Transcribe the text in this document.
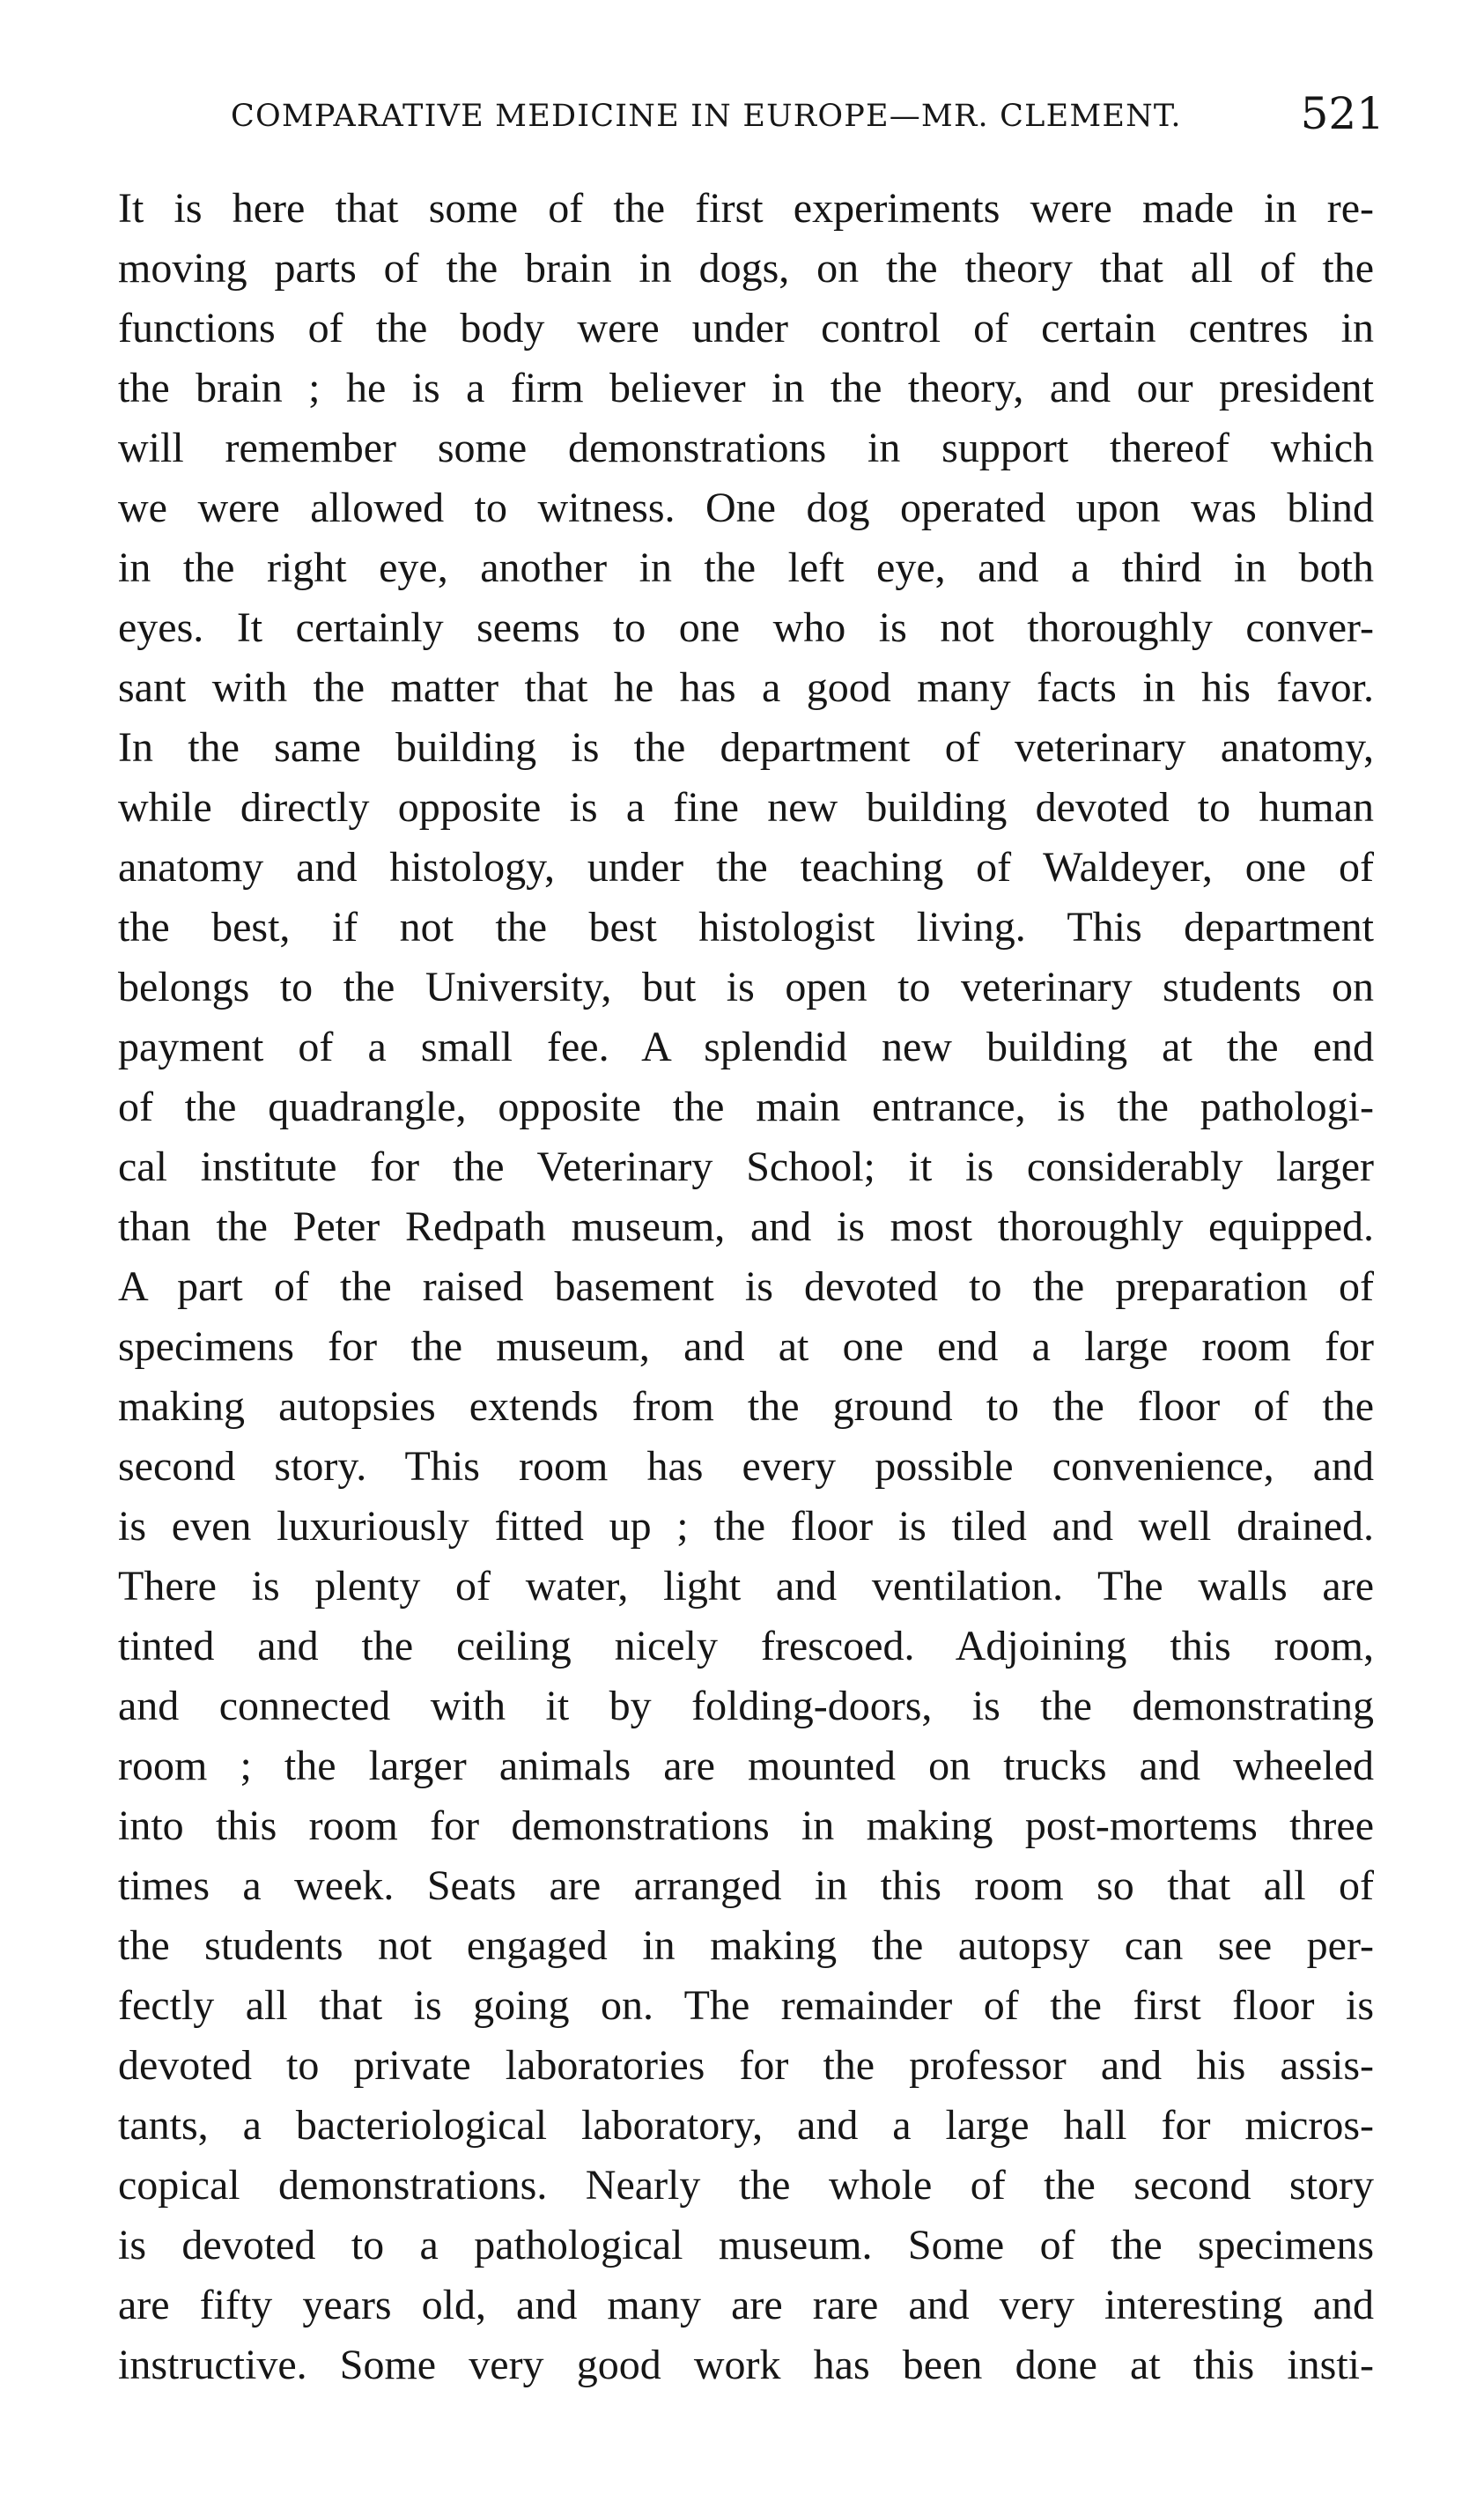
COMPARATIVE MEDICINE IN EUROPE—MR. CLEMENT.	521
It is here that some of the first experiments were made in re-
moving parts of the brain in dogs, on the theory that all of the
functions of the body were under control of certain centres in
the brain ; he is a firm believer in the theory, and our president
will remember some demonstrations in support thereof which
we were allowed to witness. One dog operated upon was blind
in the right eye, another in the left eye, and a third in both
eyes. It certainly seems to one who is not thoroughly conver-
sant with the matter that he has a good many facts in his favor.
In the same building is the department of veterinary anatomy,
while directly opposite is a fine new building devoted to human
anatomy and histology, under the teaching of Waldeyer, one of
the best, if not the best histologist living. This department
belongs to the University, but is open to veterinary students on
payment of a small fee. A splendid new building at the end
of the quadrangle, opposite the main entrance, is the pathologi-
cal institute for the Veterinary School; it is considerably larger
than the Peter Redpath museum, and is most thoroughly equipped.
A part of the raised basement is devoted to the preparation of
specimens for the museum, and at one end a large room for
making autopsies extends from the ground to the floor of the
second story. This room has every possible convenience, and
is even luxuriously fitted up ; the floor is tiled and well drained.
There is plenty of water, light and ventilation. The walls are
tinted and the ceiling nicely frescoed. Adjoining this room,
and connected with it by folding-doors, is the demonstrating
room ; the larger animals are mounted on trucks and wheeled
into this room for demonstrations in making post-mortems three
times a week. Seats are arranged in this room so that all of
the students not engaged in making the autopsy can see per-
fectly all that is going on. The remainder of the first floor is
devoted to private laboratories for the professor and his assis-
tants, a bacteriological laboratory, and a large hall for micros-
copical demonstrations. Nearly the whole of the second story
is devoted to a pathological museum. Some of the specimens
are fifty years old, and many are rare and very interesting and
instructive. Some very good work has been done at this insti-
